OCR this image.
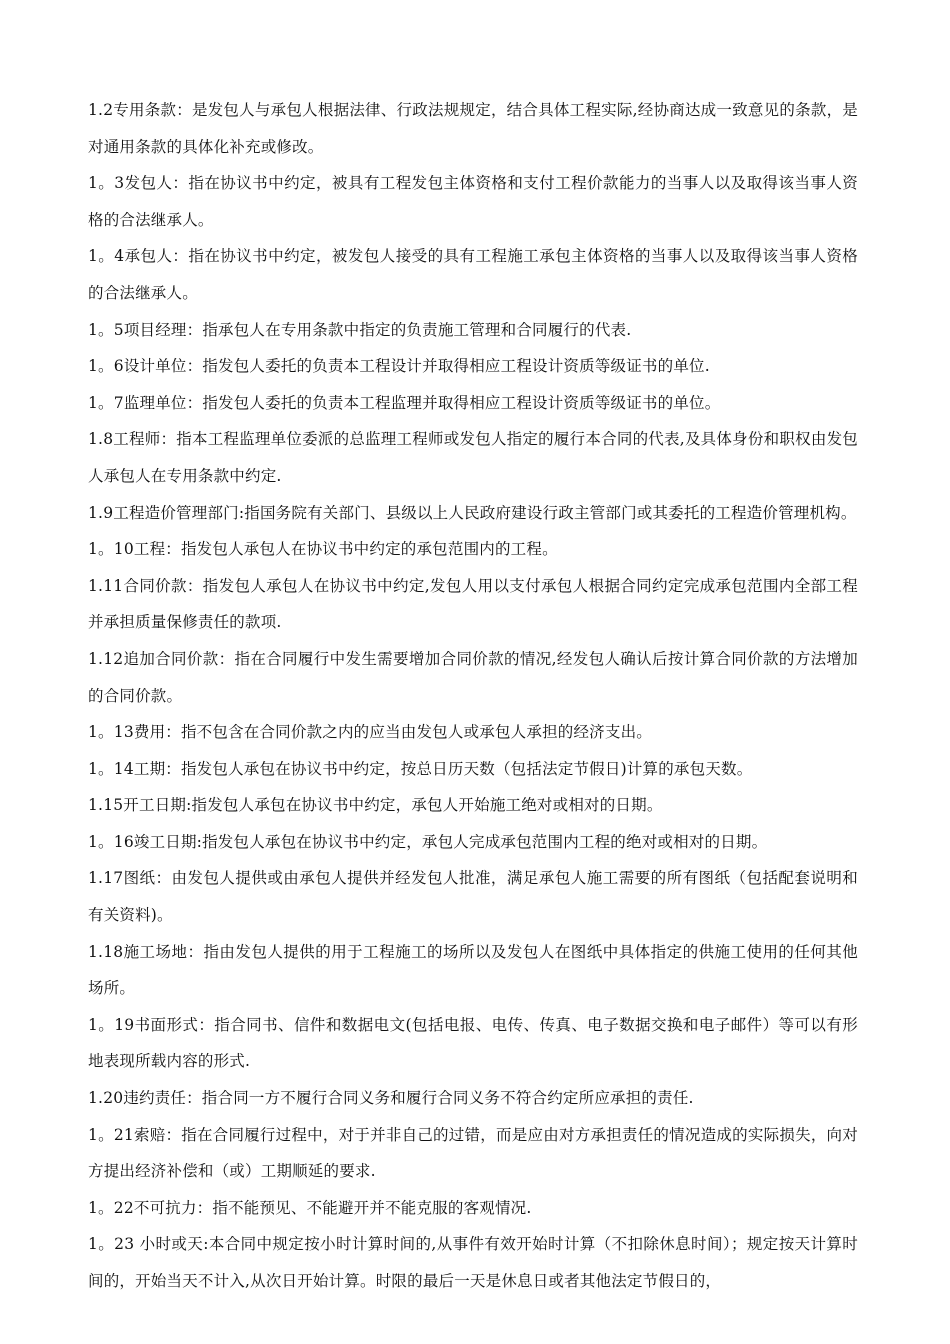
1.2专用条款：是发包人与承包人根据法律、行政法规规定，结合具体工程实际,经协商达成一致意见的条款，是对通用条款的具体化补充或修改。

1。3发包人：指在协议书中约定，被具有工程发包主体资格和支付工程价款能力的当事人以及取得该当事人资格的合法继承人。

1。4承包人：指在协议书中约定，被发包人接受的具有工程施工承包主体资格的当事人以及取得该当事人资格的合法继承人。

1。5项目经理：指承包人在专用条款中指定的负责施工管理和合同履行的代表.

1。6设计单位：指发包人委托的负责本工程设计并取得相应工程设计资质等级证书的单位.

1。7监理单位：指发包人委托的负责本工程监理并取得相应工程设计资质等级证书的单位。

1.8工程师：指本工程监理单位委派的总监理工程师或发包人指定的履行本合同的代表,及具体身份和职权由发包人承包人在专用条款中约定.

1.9工程造价管理部门:指国务院有关部门、县级以上人民政府建设行政主管部门或其委托的工程造价管理机构。

1。10工程：指发包人承包人在协议书中约定的承包范围内的工程。

1.11合同价款：指发包人承包人在协议书中约定,发包人用以支付承包人根据合同约定完成承包范围内全部工程并承担质量保修责任的款项.

1.12追加合同价款：指在合同履行中发生需要增加合同价款的情况,经发包人确认后按计算合同价款的方法增加的合同价款。

1。13费用：指不包含在合同价款之内的应当由发包人或承包人承担的经济支出。

1。14工期：指发包人承包在协议书中约定，按总日历天数（包括法定节假日)计算的承包天数。

1.15开工日期:指发包人承包在协议书中约定，承包人开始施工绝对或相对的日期。

1。16竣工日期:指发包人承包在协议书中约定，承包人完成承包范围内工程的绝对或相对的日期。

1.17图纸：由发包人提供或由承包人提供并经发包人批准，满足承包人施工需要的所有图纸（包括配套说明和有关资料)。

1.18施工场地：指由发包人提供的用于工程施工的场所以及发包人在图纸中具体指定的供施工使用的任何其他场所。

1。19书面形式：指合同书、信件和数据电文(包括电报、电传、传真、电子数据交换和电子邮件）等可以有形地表现所载内容的形式.

1.20违约责任：指合同一方不履行合同义务和履行合同义务不符合约定所应承担的责任.

1。21索赔：指在合同履行过程中，对于并非自己的过错，而是应由对方承担责任的情况造成的实际损失，向对方提出经济补偿和（或）工期顺延的要求.

1。22不可抗力：指不能预见、不能避开并不能克服的客观情况.

1。23 小时或天:本合同中规定按小时计算时间的,从事件有效开始时计算（不扣除休息时间）；规定按天计算时间的，开始当天不计入,从次日开始计算。时限的最后一天是休息日或者其他法定节假日的，
